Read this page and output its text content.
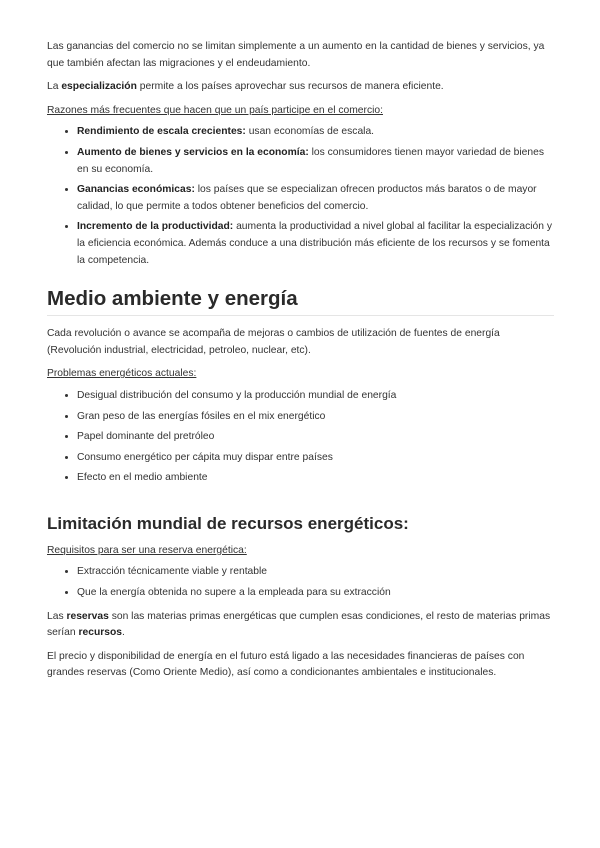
Las ganancias del comercio no se limitan simplemente a un aumento en la cantidad de bienes y servicios, ya que también afectan las migraciones y el endeudamiento.

La especialización permite a los países aprovechar sus recursos de manera eficiente.

Razones más frecuentes que hacen que un país participe en el comercio:

• Rendimiento de escala crecientes: usan economías de escala.
• Aumento de bienes y servicios en la economía: los consumidores tienen mayor variedad de bienes en su economía.
• Ganancias económicas: los países que se especializan ofrecen productos más baratos o de mayor calidad, lo que permite a todos obtener beneficios del comercio.
• Incremento de la productividad: aumenta la productividad a nivel global al facilitar la especialización y la eficiencia económica. Además conduce a una distribución más eficiente de los recursos y se fomenta la competencia.
Medio ambiente y energía

Cada revolución o avance se acompaña de mejoras o cambios de utilización de fuentes de energía (Revolución industrial, electricidad, petroleo, nuclear, etc).

Problemas energéticos actuales:

• Desigual distribución del consumo y la producción mundial de energía
• Gran peso de las energías fósiles en el mix energético
• Papel dominante del pretróleo
• Consumo energético per cápita muy dispar entre países
• Efecto en el medio ambiente
Limitación mundial de recursos energéticos:

Requisitos para ser una reserva energética:

• Extracción técnicamente viable y rentable
• Que la energía obtenida no supere a la empleada para su extracción

Las reservas son las materias primas energéticas que cumplen esas condiciones, el resto de materias primas serían recursos.

El precio y disponibilidad de energía en el futuro está ligado a las necesidades financieras de países con grandes reservas (Como Oriente Medio), así como a condicionantes ambientales e institucionales.
